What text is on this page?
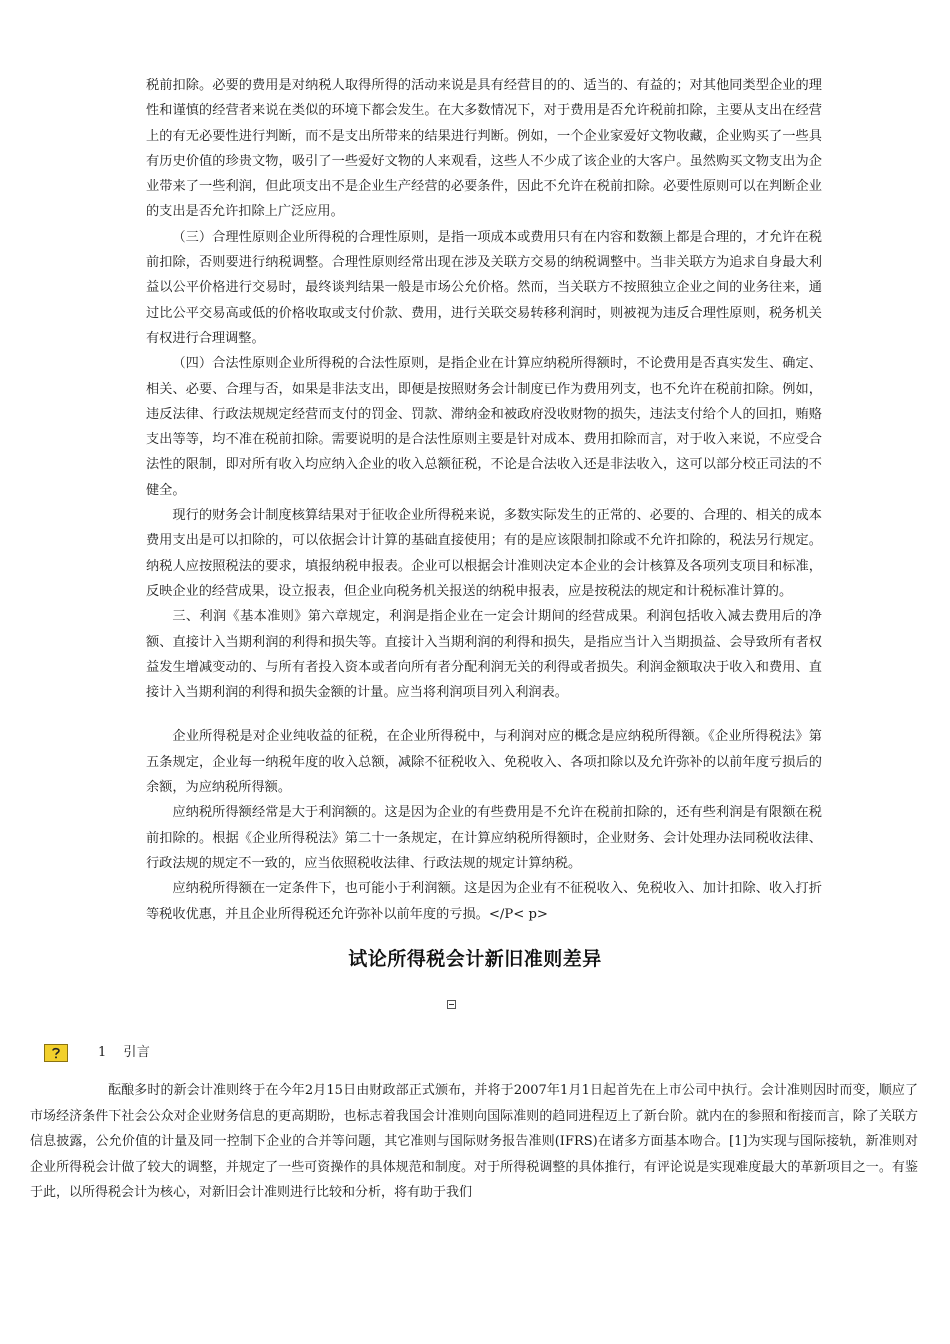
税前扣除。必要的费用是对纳税人取得所得的活动来说是具有经营目的的、适当的、有益的；对其他同类型企业的理性和谨慎的经营者来说在类似的环境下都会发生。在大多数情况下，对于费用是否允许税前扣除，主要从支出在经营上的有无必要性进行判断，而不是支出所带来的结果进行判断。例如，一个企业家爱好文物收藏，企业购买了一些具有历史价值的珍贵文物，吸引了一些爱好文物的人来观看，这些人不少成了该企业的大客户。虽然购买文物支出为企业带来了一些利润，但此项支出不是企业生产经营的必要条件，因此不允许在税前扣除。必要性原则可以在判断企业的支出是否允许扣除上广泛应用。

（三）合理性原则企业所得税的合理性原则，是指一项成本或费用只有在内容和数额上都是合理的，才允许在税前扣除，否则要进行纳税调整。合理性原则经常出现在涉及关联方交易的纳税调整中。当非关联方为追求自身最大利益以公平价格进行交易时，最终谈判结果一般是市场公允价格。然而，当关联方不按照独立企业之间的业务往来，通过比公平交易高或低的价格收取或支付价款、费用，进行关联交易转移利润时，则被视为违反合理性原则，税务机关有权进行合理调整。

（四）合法性原则企业所得税的合法性原则，是指企业在计算应纳税所得额时，不论费用是否真实发生、确定、相关、必要、合理与否，如果是非法支出，即便是按照财务会计制度已作为费用列支，也不允许在税前扣除。例如，违反法律、行政法规规定经营而支付的罚金、罚款、滞纳金和被政府没收财物的损失，违法支付给个人的回扣，贿赂支出等等，均不准在税前扣除。需要说明的是合法性原则主要是针对成本、费用扣除而言，对于收入来说，不应受合法性的限制，即对所有收入均应纳入企业的收入总额征税，不论是合法收入还是非法收入，这可以部分校正司法的不健全。

现行的财务会计制度核算结果对于征收企业所得税来说，多数实际发生的正常的、必要的、合理的、相关的成本费用支出是可以扣除的，可以依据会计计算的基础直接使用；有的是应该限制扣除或不允许扣除的，税法另行规定。纳税人应按照税法的要求，填报纳税申报表。企业可以根据会计准则决定本企业的会计核算及各项列支项目和标准，反映企业的经营成果，设立报表，但企业向税务机关报送的纳税申报表，应是按税法的规定和计税标准计算的。

三、利润《基本准则》第六章规定，利润是指企业在一定会计期间的经营成果。利润包括收入减去费用后的净额、直接计入当期利润的利得和损失等。直接计入当期利润的利得和损失，是指应当计入当期损益、会导致所有者权益发生增减变动的、与所有者投入资本或者向所有者分配利润无关的利得或者损失。利润金额取决于收入和费用、直接计入当期利润的利得和损失金额的计量。应当将利润项目列入利润表。

企业所得税是对企业纯收益的征税，在企业所得税中，与利润对应的概念是应纳税所得额。《企业所得税法》第五条规定，企业每一纳税年度的收入总额，减除不征税收入、免税收入、各项扣除以及允许弥补的以前年度亏损后的余额，为应纳税所得额。

应纳税所得额经常是大于利润额的。这是因为企业的有些费用是不允许在税前扣除的，还有些利润是有限额在税前扣除的。根据《企业所得税法》第二十一条规定，在计算应纳税所得额时，企业财务、会计处理办法同税收法律、行政法规的规定不一致的，应当依照税收法律、行政法规的规定计算纳税。

应纳税所得额在一定条件下，也可能小于利润额。这是因为企业有不征税收入、免税收入、加计扣除、收入打折等税收优惠，并且企业所得税还允许弥补以前年度的亏损。</P< p>

试论所得税会计新旧准则差异

1 引言

酝酿多时的新会计准则终于在今年2月15日由财政部正式颁布，并将于2007年1月1日起首先在上市公司中执行。会计准则因时而变，顺应了市场经济条件下社会公众对企业财务信息的更高期盼，也标志着我国会计准则向国际准则的趋同进程迈上了新台阶。就内在的参照和衔接而言，除了关联方信息披露，公允价值的计量及同一控制下企业的合并等问题，其它准则与国际财务报告准则(IFRS)在诸多方面基本吻合。[1]为实现与国际接轨，新准则对企业所得税会计做了较大的调整，并规定了一些可资操作的具体规范和制度。对于所得税调整的具体推行，有评论说是实现难度最大的革新项目之一。有鉴于此，以所得税会计为核心，对新旧会计准则进行比较和分析，将有助于我们
